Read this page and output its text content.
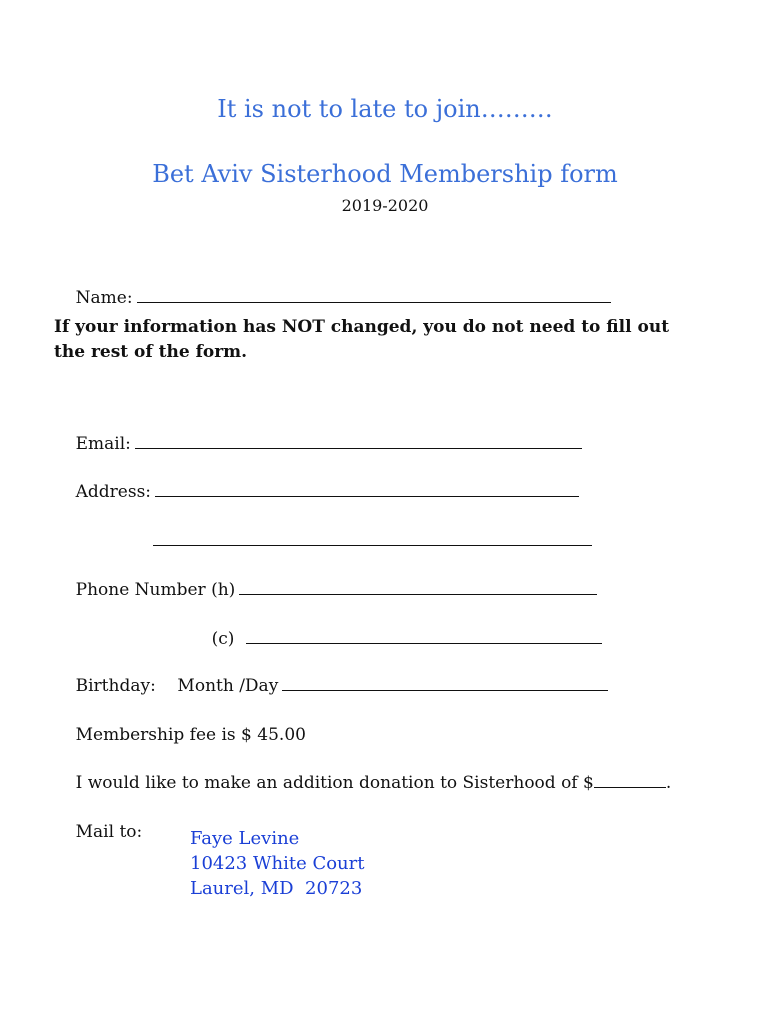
It is not to late to join………
Bet Aviv Sisterhood Membership form
2019-2020

Name:

If your information has NOT changed, you do not need to fill out the rest of the form.

Email:

Address:

Phone Number (h)

(c)

Birthday:    Month /Day

Membership fee is $ 45.00

I would like to make an addition donation to Sisterhood of $	.

Mail to:
	Faye Levine
10423 White Court
Laurel, MD  20723
